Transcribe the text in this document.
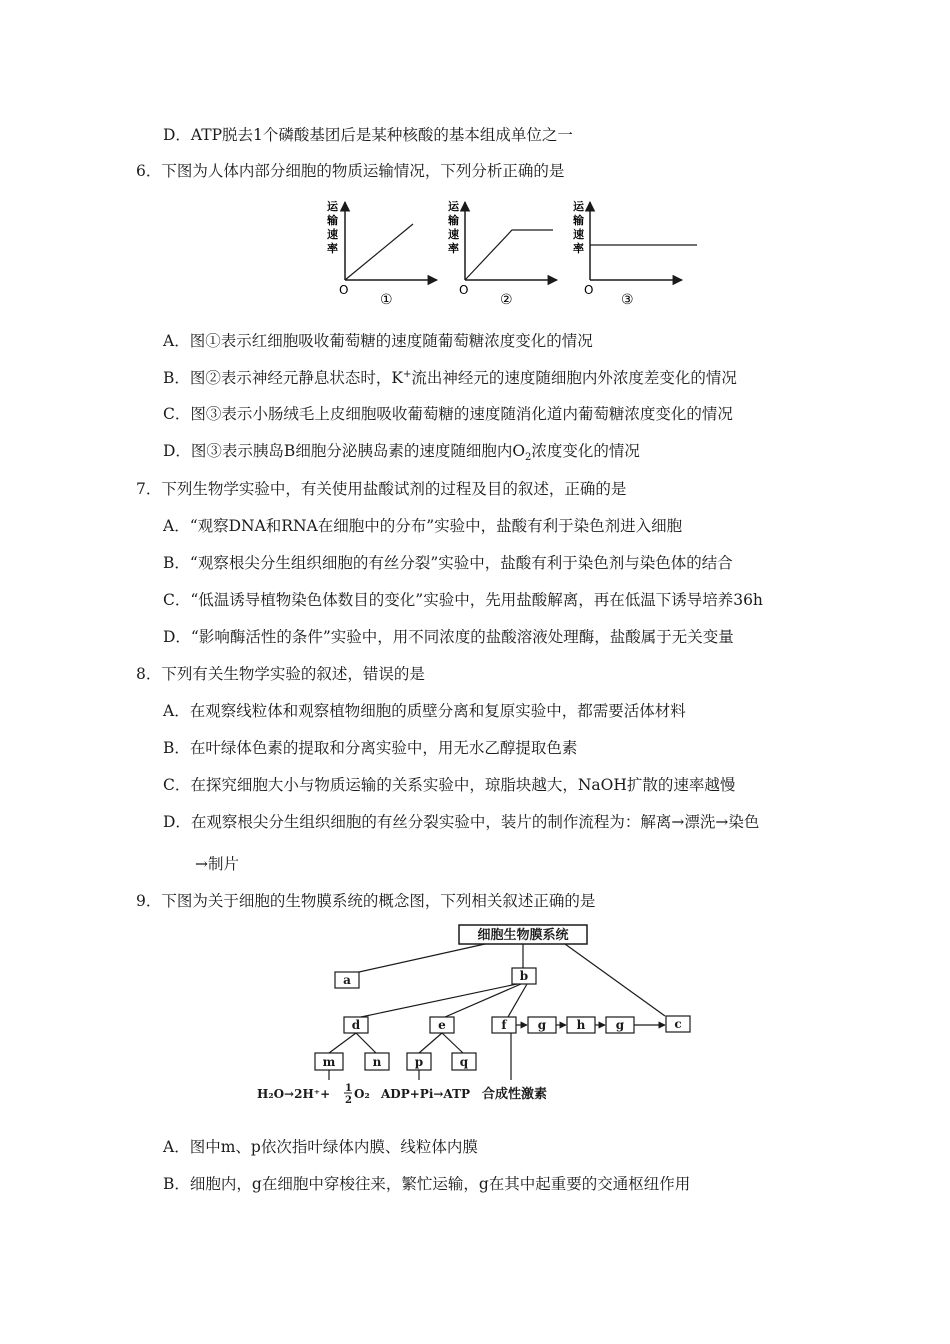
D．ATP脱去1个磷酸基团后是某种核酸的基本组成单位之一
6．下图为人体内部分细胞的物质运输情况，下列分析正确的是
运
输
速
率
O
①
运
输
速
率
O
②
运
输
速
率
O
③
A．图①表示红细胞吸收葡萄糖的速度随葡萄糖浓度变化的情况
B．图②表示神经元静息状态时，K+流出神经元的速度随细胞内外浓度差变化的情况
C．图③表示小肠绒毛上皮细胞吸收葡萄糖的速度随消化道内葡萄糖浓度变化的情况
D．图③表示胰岛B细胞分泌胰岛素的速度随细胞内$O_2$浓度变化的情况
7．下列生物学实验中，有关使用盐酸试剂的过程及目的叙述，正确的是
A．“观察DNA和RNA在细胞中的分布”实验中，盐酸有利于染色剂进入细胞
B．“观察根尖分生组织细胞的有丝分裂”实验中，盐酸有利于染色剂与染色体的结合
C．“低温诱导植物染色体数目的变化”实验中，先用盐酸解离，再在低温下诱导培养36h
D．“影响酶活性的条件”实验中，用不同浓度的盐酸溶液处理酶，盐酸属于无关变量
8．下列有关生物学实验的叙述，错误的是
A．在观察线粒体和观察植物细胞的质壁分离和复原实验中，都需要活体材料
B．在叶绿体色素的提取和分离实验中，用无水乙醇提取色素
C．在探究细胞大小与物质运输的关系实验中，琼脂块越大，NaOH扩散的速率越慢
D．在观察根尖分生组织细胞的有丝分裂实验中，装片的制作流程为：解离→漂洗→染色
→制片
9．下图为关于细胞的生物膜系统的概念图，下列相关叙述正确的是
细胞生物膜系统
a	b
d	e	f	g	h	g	c
m	n	p	q
H₂O→2H⁺+ 1
2 O₂ ADP+Pi→ATP 合成性激素
A．图中m、p依次指叶绿体内膜、线粒体内膜
B．细胞内，g在细胞中穿梭往来，繁忙运输，g在其中起重要的交通枢纽作用
